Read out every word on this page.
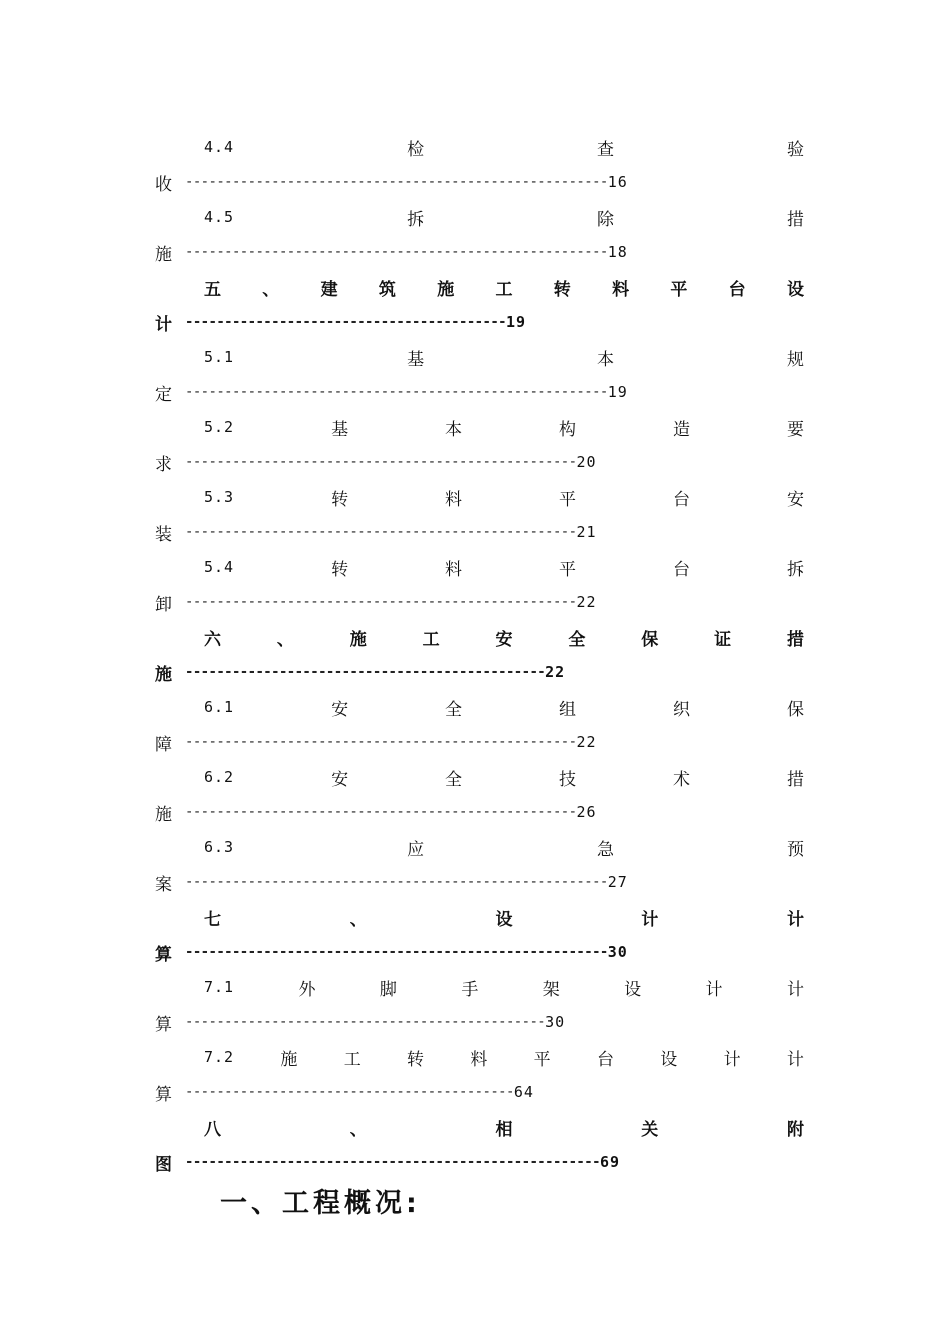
4.4	检	查	验
收 ------------------------------------------------------ 16
4.5	拆	除	措
施 ------------------------------------------------------ 18
五 、 建 筑 施 工 转 料 平 台 设
计 ----------------------------------------- 19
5.1	基	本	规
定 ------------------------------------------------------ 19
5.2	基	本	构	造	要
求 -------------------------------------------------- 20
5.3	转	料	平	台	安
装 -------------------------------------------------- 21
5.4	转	料	平	台	拆
卸 -------------------------------------------------- 22
六	、	施	工	安	全	保	证	措
施 ---------------------------------------------- 22
6.1	安	全	组	织	保
障 -------------------------------------------------- 22
6.2	安	全	技	术	措
施 -------------------------------------------------- 26
6.3	应	急	预
案 ------------------------------------------------------ 27
七	、	设	计	计
算 ------------------------------------------------------ 30
7.1	外	脚	手	架	设	计	计
算 ---------------------------------------------- 30
7.2	施	工	转	料	平	台	设	计	计
算 ------------------------------------------ 64
八	、	相	关	附
图 ----------------------------------------------------- 69
一、工程概况:
